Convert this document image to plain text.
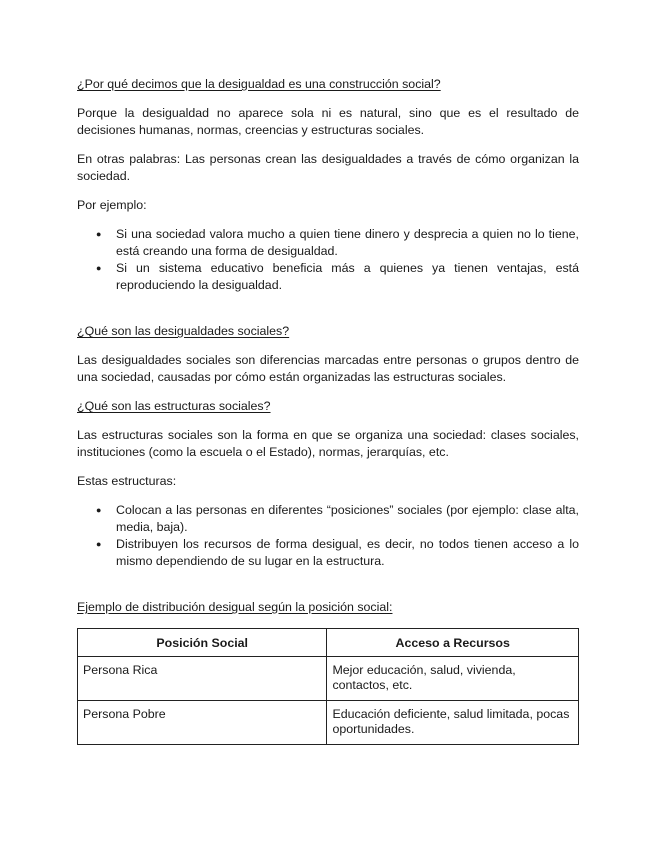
¿Por qué decimos que la desigualdad es una construcción social?

Porque la desigualdad no aparece sola ni es natural, sino que es el resultado de decisiones humanas, normas, creencias y estructuras sociales.

En otras palabras: Las personas crean las desigualdades a través de cómo organizan la sociedad.

Por ejemplo:

● Si una sociedad valora mucho a quien tiene dinero y desprecia a quien no lo tiene, está creando una forma de desigualdad.
● Si un sistema educativo beneficia más a quienes ya tienen ventajas, está reproduciendo la desigualdad.
¿Qué son las desigualdades sociales?

Las desigualdades sociales son diferencias marcadas entre personas o grupos dentro de una sociedad, causadas por cómo están organizadas las estructuras sociales.

¿Qué son las estructuras sociales?

Las estructuras sociales son la forma en que se organiza una sociedad: clases sociales, instituciones (como la escuela o el Estado), normas, jerarquías, etc.

Estas estructuras:

● Colocan a las personas en diferentes “posiciones” sociales (por ejemplo: clase alta, media, baja).
● Distribuyen los recursos de forma desigual, es decir, no todos tienen acceso a lo mismo dependiendo de su lugar en la estructura.
Ejemplo de distribución desigual según la posición social:
Posición Social	Acceso a Recursos
Persona Rica	Mejor educación, salud, vivienda, contactos, etc.
Persona Pobre	Educación deficiente, salud limitada, pocas oportunidades.
